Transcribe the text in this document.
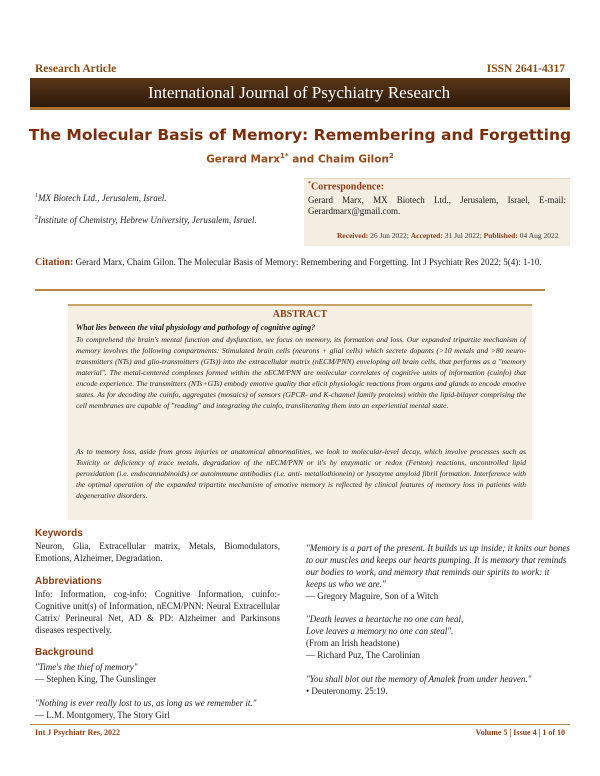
Research Article	ISSN 2641-4317
International Journal of Psychiatry Research
The Molecular Basis of Memory: Remembering and Forgetting
Gerard Marx$^{1*}$ and Chaim Gilon$^2$
$^1$MX Biotech Ltd., Jerusalem, Israel.
$^2$Institute of Chemistry, Hebrew University, Jerusalem, Israel.
*Correspondence:
Gerard Marx, MX Biotech Ltd., Jerusalem, Israel, E-mail: Gerardmarx@gmail.com.
Received: 26 Jun 2022; Accepted: 31 Jul 2022; Published: 04 Aug 2022
Citation: Gerard Marx, Chaim Gilon. The Molecular Basis of Memory: Remembering and Forgetting. Int J Psychiatr Res 2022; 5(4): 1-10.
ABSTRACT
What lies between the vital physiology and pathology of cognitive aging?
To comprehend the brain's mental function and dysfunction, we focus on memory, its formation and loss. Our expanded tripartite mechanism of memory involves the following compartments: Stimulated brain cells (neurons + glial cells) which secrete dopants (>10 metals and >80 neuro-transmitters (NTs) and glio-transmitters (GTs)) into the extracellular matrix (nECM/PNN) enveloping all brain cells, that performs as a "memory material". The metal-centered complexes formed within the nECM/PNN are molecular correlates of cognitive units of information (cuinfo) that encode experience. The transmitters (NTs+GTs) embody emotive quality that elicit physiologic reactions from organs and glands to encode emotive states. As for decoding the cuinfo, aggregates (mosaics) of sensors (GPCR- and K-channel family proteins) within the lipid-bilayer comprising the cell membranes are capable of "reading" and integrating the cuinfo, transliterating them into an experiential mental state.
As to memory loss, aside from gross injuries or anatomical abnormalities, we look to molecular-level decay, which involve processes such as Toxicity or deficiency of trace metals, degradation of the nECM/PNN or it's by enzymatic or redox (Fenton) reactions, uncontrolled lipid peroxidation (i.e. endocannabinoids) or autoimmune antibodies (i.e. anti- metallothionein) or lysozyme amyloid fibril formation. Interference with the optimal operation of the expanded tripartite mechanism of emotive memory is reflected by clinical features of memory loss in patients with degenerative disorders.
Keywords
Neuron, Glia, Extracellular matrix, Metals, Biomodulators, Emotions, Alzheimer, Degradation.
Abbreviations
Info: Information, cog-info: Cognitive Information, cuinfo:- Cognitive unit(s) of Information, nECM/PNN: Neural Extracellular Catrix/ Perineural Net, AD & PD: Alzheimer and Parkinsons diseases respectively.
Background
"Time's the thief of memory"
— Stephen King, The Gunslinger
"Nothing is ever really lost to us, as long as we remember it."
— L.M. Montgomery, The Story Girl
"Memory is a part of the present. It builds us up inside; it knits our bones to our muscles and keeps our hearts pumping. It is memory that reminds our bodies to work, and memory that reminds our spirits to work: it keeps us who we are."
— Gregory Maguire, Son of a Witch
"Death leaves a heartache no one can heal,
Love leaves a memory no one can steal".
(From an Irish headstone)
— Richard Puz, The Carolinian
"You shall blot out the memory of Amalek from under heaven."
• Deuteronomy. 25:19.
Int J Psychiatr Res, 2022	Volume 5 | Issue 4 | 1 of 10
